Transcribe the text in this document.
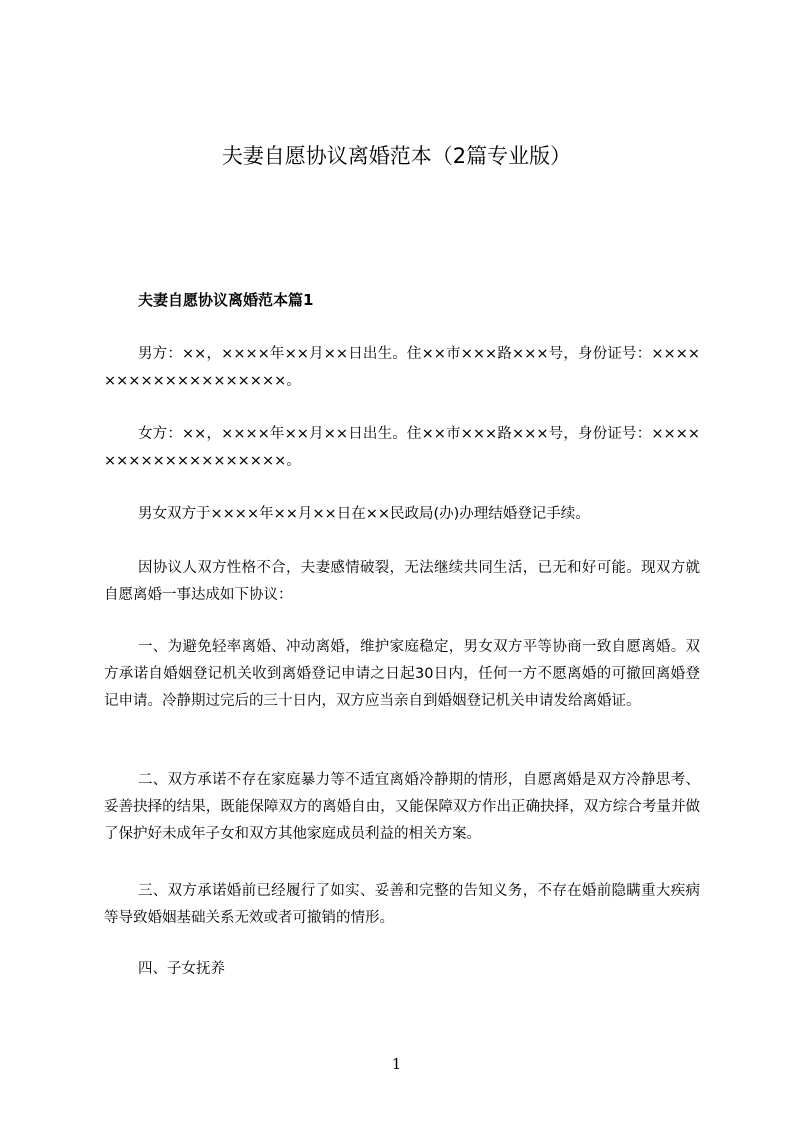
夫妻自愿协议离婚范本（2篇专业版）
夫妻自愿协议离婚范本篇1
男方：××，××××年××月××日出生。住××市×××路×××号，身份证号：×××××××××××××××××××。
女方：××，××××年××月××日出生。住××市×××路×××号，身份证号：×××××××××××××××××××。
男女双方于××××年××月××日在××民政局(办)办理结婚登记手续。
因协议人双方性格不合，夫妻感情破裂，无法继续共同生活，已无和好可能。现双方就自愿离婚一事达成如下协议：
一、为避免轻率离婚、冲动离婚，维护家庭稳定，男女双方平等协商一致自愿离婚。双方承诺自婚姻登记机关收到离婚登记申请之日起30日内，任何一方不愿离婚的可撤回离婚登记申请。冷静期过完后的三十日内，双方应当亲自到婚姻登记机关申请发给离婚证。
二、双方承诺不存在家庭暴力等不适宜离婚冷静期的情形，自愿离婚是双方冷静思考、妥善抉择的结果，既能保障双方的离婚自由，又能保障双方作出正确抉择，双方综合考量并做了保护好未成年子女和双方其他家庭成员利益的相关方案。
三、双方承诺婚前已经履行了如实、妥善和完整的告知义务，不存在婚前隐瞒重大疾病等导致婚姻基础关系无效或者可撤销的情形。
四、子女抚养
1
